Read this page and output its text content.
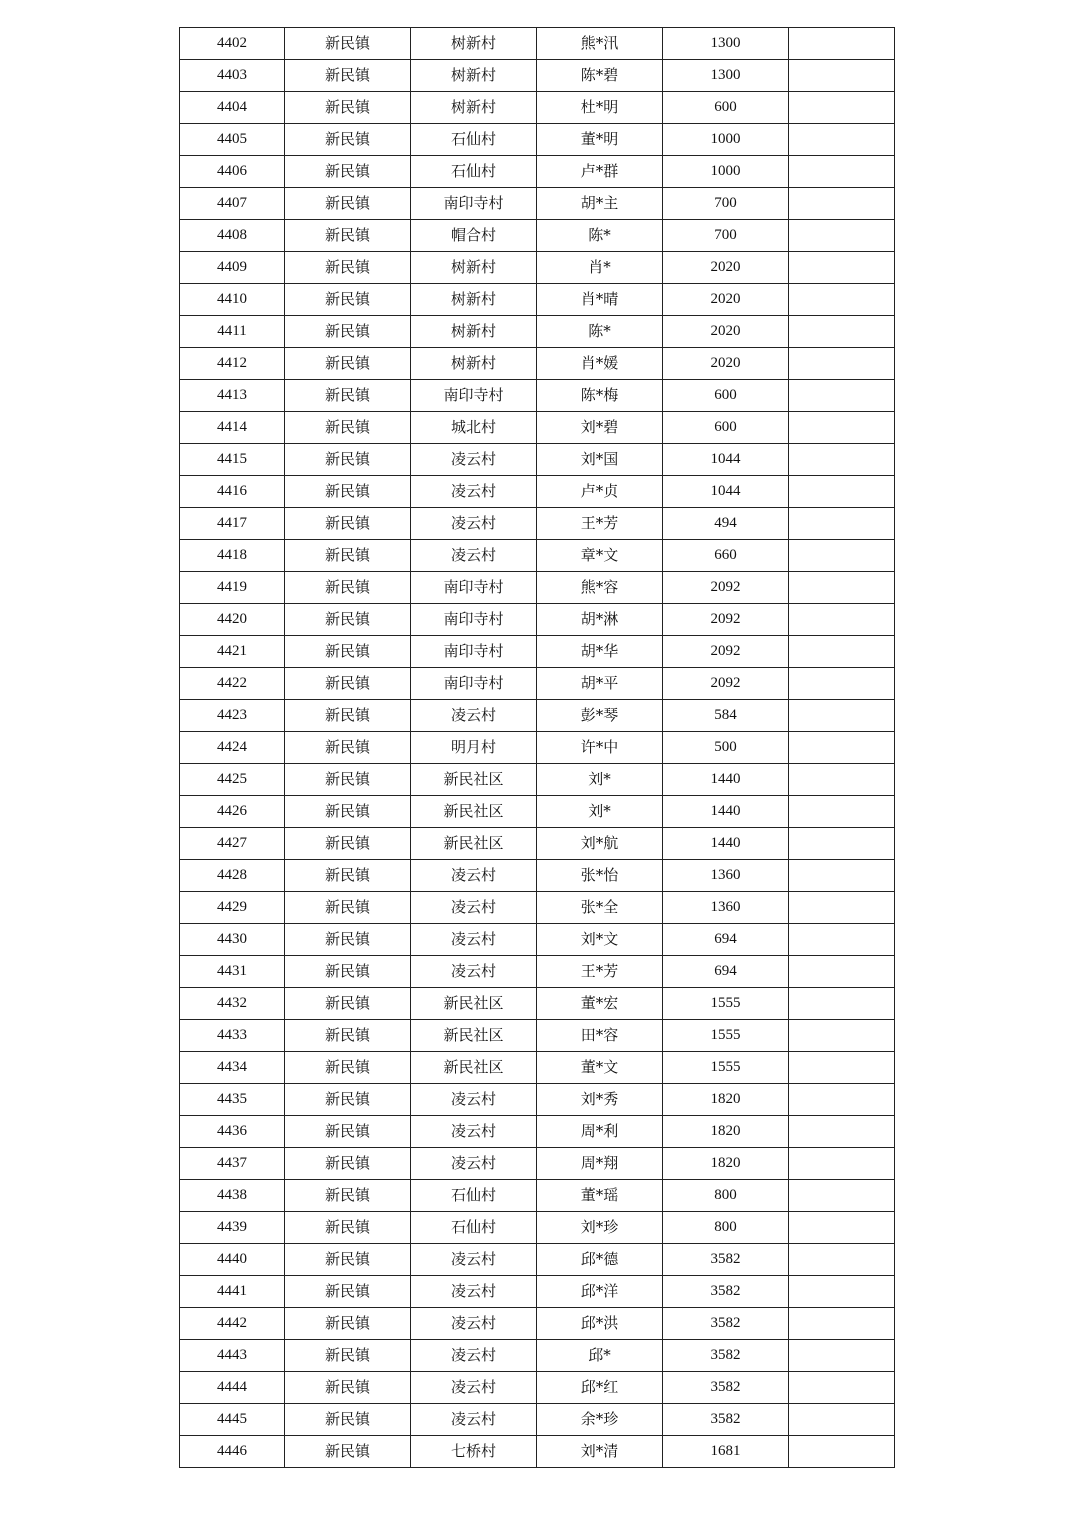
4402	新民镇	树新村	熊*汛	1300	
4403	新民镇	树新村	陈*碧	1300	
4404	新民镇	树新村	杜*明	600	
4405	新民镇	石仙村	董*明	1000	
4406	新民镇	石仙村	卢*群	1000	
4407	新民镇	南印寺村	胡*主	700	
4408	新民镇	帽合村	陈*	700	
4409	新民镇	树新村	肖*	2020	
4410	新民镇	树新村	肖*晴	2020	
4411	新民镇	树新村	陈*	2020	
4412	新民镇	树新村	肖*媛	2020	
4413	新民镇	南印寺村	陈*梅	600	
4414	新民镇	城北村	刘*碧	600	
4415	新民镇	凌云村	刘*国	1044	
4416	新民镇	凌云村	卢*贞	1044	
4417	新民镇	凌云村	王*芳	494	
4418	新民镇	凌云村	章*文	660	
4419	新民镇	南印寺村	熊*容	2092	
4420	新民镇	南印寺村	胡*淋	2092	
4421	新民镇	南印寺村	胡*华	2092	
4422	新民镇	南印寺村	胡*平	2092	
4423	新民镇	凌云村	彭*琴	584	
4424	新民镇	明月村	许*中	500	
4425	新民镇	新民社区	刘*	1440	
4426	新民镇	新民社区	刘*	1440	
4427	新民镇	新民社区	刘*航	1440	
4428	新民镇	凌云村	张*怡	1360	
4429	新民镇	凌云村	张*全	1360	
4430	新民镇	凌云村	刘*文	694	
4431	新民镇	凌云村	王*芳	694	
4432	新民镇	新民社区	董*宏	1555	
4433	新民镇	新民社区	田*容	1555	
4434	新民镇	新民社区	董*文	1555	
4435	新民镇	凌云村	刘*秀	1820	
4436	新民镇	凌云村	周*利	1820	
4437	新民镇	凌云村	周*翔	1820	
4438	新民镇	石仙村	董*瑶	800	
4439	新民镇	石仙村	刘*珍	800	
4440	新民镇	凌云村	邱*德	3582	
4441	新民镇	凌云村	邱*洋	3582	
4442	新民镇	凌云村	邱*洪	3582	
4443	新民镇	凌云村	邱*	3582	
4444	新民镇	凌云村	邱*红	3582	
4445	新民镇	凌云村	余*珍	3582	
4446	新民镇	七桥村	刘*清	1681	
